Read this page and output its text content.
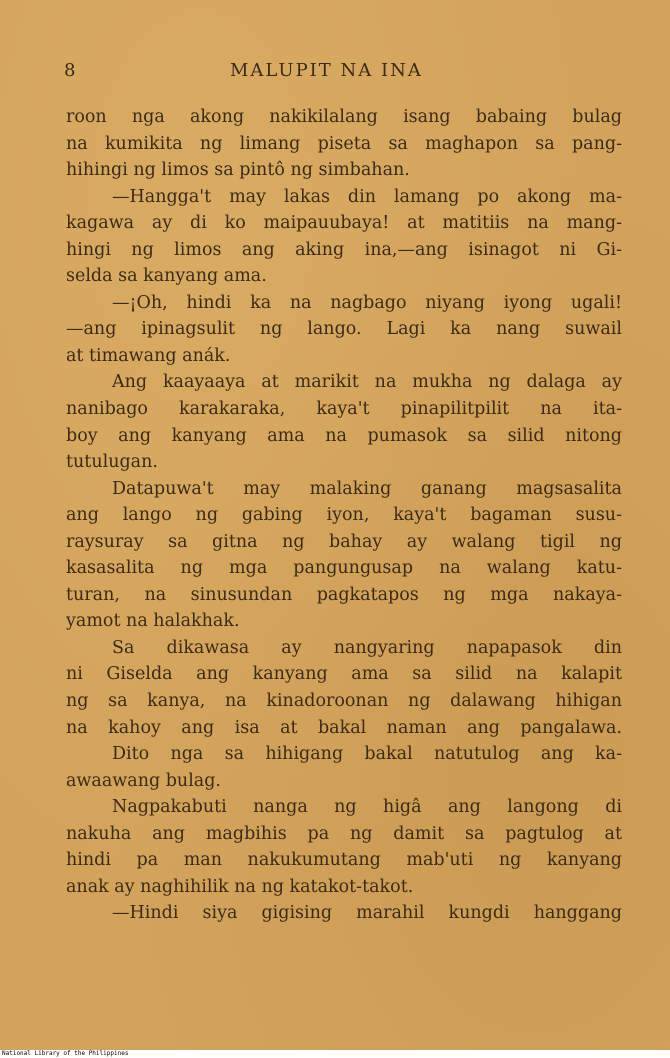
8	MALUPIT NA INA
roon nga akong nakikilalang isang babaing bulag
na kumikita ng limang piseta sa maghapon sa pang-
hihingi ng limos sa pintô ng simbahan.
—Hangga't may lakas din lamang po akong ma-
kagawa ay di ko maipauubaya! at matitiis na mang-
hingi ng limos ang aking ina,—ang isinagot ni Gi-
selda sa kanyang ama.
—¡Oh, hindi ka na nagbago niyang iyong ugali!
—ang ipinagsulit ng lango. Lagi ka nang suwail
at timawang anák.
Ang kaayaaya at marikit na mukha ng dalaga ay
nanibago karakaraka, kaya't pinapilitpilit na ita-
boy ang kanyang ama na pumasok sa silid nitong
tutulugan.
Datapuwa't may malaking ganang magsasalita
ang lango ng gabing iyon, kaya't bagaman susu-
raysuray sa gitna ng bahay ay walang tigil ng
kasasalita ng mga pangungusap na walang katu-
turan, na sinusundan pagkatapos ng mga nakaya-
yamot na halakhak.
Sa dikawasa ay nangyaring napapasok din
ni Giselda ang kanyang ama sa silid na kalapit
ng sa kanya, na kinadoroonan ng dalawang hihigan
na kahoy ang isa at bakal naman ang pangalawa.
Dito nga sa hihigang bakal natutulog ang ka-
awaawang bulag.
Nagpakabuti nanga ng higâ ang langong di
nakuha ang magbihis pa ng damit sa pagtulog at
hindi pa man nakukumutang mab'uti ng kanyang
anak ay naghihilik na ng katakot-takot.
—Hindi siya gigising marahil kungdi hanggang
National Library of the Philippines
